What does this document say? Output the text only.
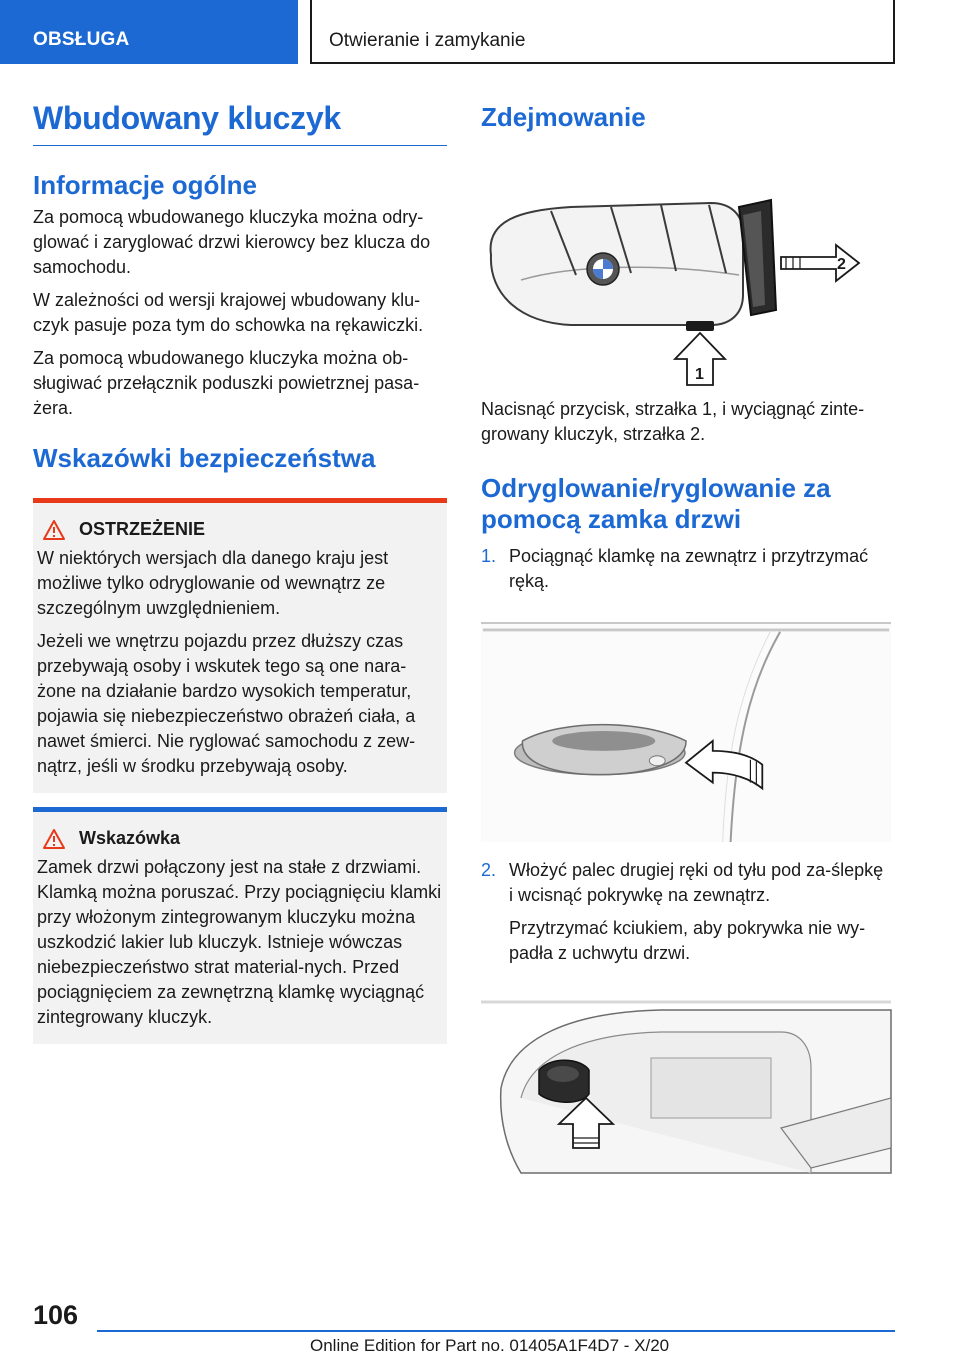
OBSŁUGA	Otwieranie i zamykanie
Wbudowany kluczyk
Informacje ogólne

Za pomocą wbudowanego kluczyka można odry-glować i zaryglować drzwi kierowcy bez klucza do samochodu.

W zależności od wersji krajowej wbudowany klu-czyk pasuje poza tym do schowka na rękawiczki.

Za pomocą wbudowanego kluczyka można ob-sługiwać przełącznik poduszki powietrznej pasa-żera.

Wskazówki bezpieczeństwa
OSTRZEŻENIE

W niektórych wersjach dla danego kraju jest możliwe tylko odryglowanie od wewnątrz ze szczególnym uwzględnieniem.

Jeżeli we wnętrzu pojazdu przez dłuższy czas przebywają osoby i wskutek tego są one nara-żone na działanie bardzo wysokich temperatur, pojawia się niebezpieczeństwo obrażeń ciała, a nawet śmierci. Nie ryglować samochodu z zew-nątrz, jeśli w środku przebywają osoby.

Wskazówka

Zamek drzwi połączony jest na stałe z drzwiami. Klamką można poruszać. Przy pociągnięciu klamki przy włożonym zintegrowanym kluczyku można uszkodzić lakier lub kluczyk. Istnieje wówczas niebezpieczeństwo strat material-nych. Przed pociągnięciem za zewnętrzną klamkę wyciągnąć zintegrowany kluczyk.

Zdejmowanie
2
1

Nacisnąć przycisk, strzałka 1, i wyciągnąć zinte-growany kluczyk, strzałka 2.

Odryglowanie/ryglowanie za pomocą zamka drzwi
1. Pociągnąć klamkę na zewnątrz i przytrzymać ręką.
2. Włożyć palec drugiej ręki od tyłu pod za-ślepkę i wcisnąć pokrywkę na zewnątrz.

Przytrzymać kciukiem, aby pokrywka nie wy-padła z uchwytu drzwi.

106
Online Edition for Part no. 01405A1F4D7 - X/20
